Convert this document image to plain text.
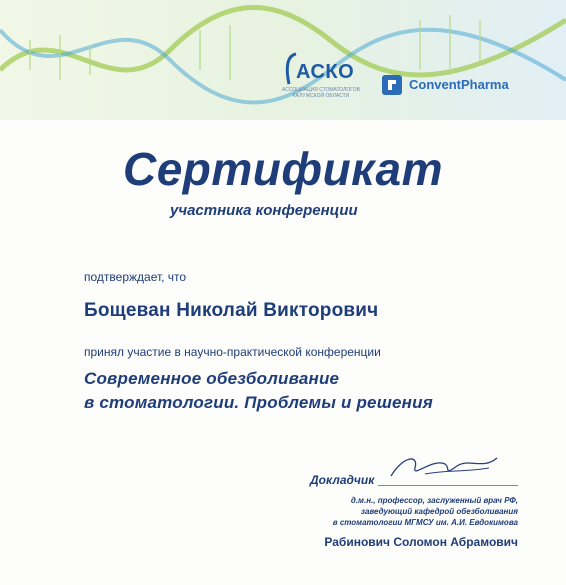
АСКО
АССОЦИАЦИЯ СТОМАТОЛОГОВ КАЛУЖСКОЙ ОБЛАСТИ
ConventPharma
Сертификат
участника конференции
подтверждает, что
Бощеван Николай Викторович
принял участие в научно-практической конференции
Современное обезболивание
в стоматологии. Проблемы и решения
Докладчик
д.м.н., профессор, заслуженный врач РФ,
заведующий кафедрой обезболивания
в стоматологии МГМСУ им. А.И. Евдокимова
Рабинович Соломон Абрамович
